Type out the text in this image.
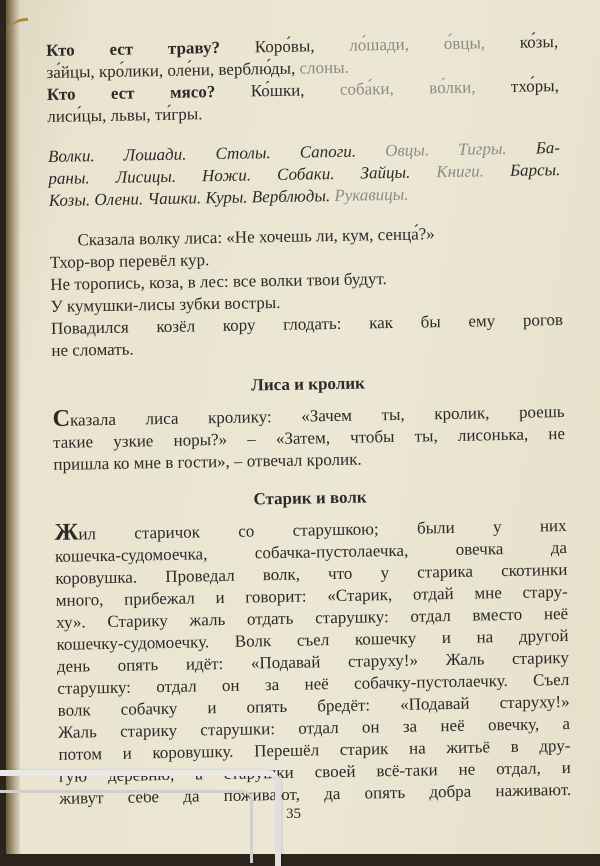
Кто ест траву? Коро́вы, ло́шади, о́вцы, ко́зы,
за́йцы, кро́лики, оле́ни, верблю́ды, слоны.
Кто ест мясо? Ко́шки, соба́ки, во́лки, тхо́ры,
лиси́цы, львы, ти́гры.
Волки. Лошади. Столы. Сапоги. Овцы. Тигры. Ба-
раны. Лисицы. Ножи. Собаки. Зайцы. Книги. Барсы.
Козы. Олени. Чашки. Куры. Верблюды. Рукавицы.
Сказала волку лиса: «Не хочешь ли, кум, сенца́?»
Тхор-вор перевёл кур.
Не торопись, коза, в лес: все волки твои будут.
У кумушки-лисы зубки востры.
Повадился козёл кору глодать: как бы ему рогов
не сломать.
Лиса и кролик
Сказала лиса кролику: «Зачем ты, кролик, роешь
такие узкие норы?» – «Затем, чтобы ты, лисонька, не
пришла ко мне в гости», – отвечал кролик.
Старик и волк
Жил старичок со старушкою; были у них
кошечка-судомоечка, собачка-пустолаечка, овечка да
коровушка. Проведал волк, что у старика скотинки
много, прибежал и говорит: «Старик, отдай мне стару-
ху». Старику жаль отдать старушку: отдал вместо неё
кошечку-судомоечку. Волк съел кошечку и на другой
день опять идёт: «Подавай старуху!» Жаль старику
старушку: отдал он за неё собачку-пустолаечку. Съел
волк собачку и опять бредёт: «Подавай старуху!»
Жаль старику старушки: отдал он за неё овечку, а
потом и коровушку. Перешёл старик на житьё в дру-
гую деревню, а старушки своей всё-таки не отдал, и
живут себе да поживают, да опять добра наживают.
35
